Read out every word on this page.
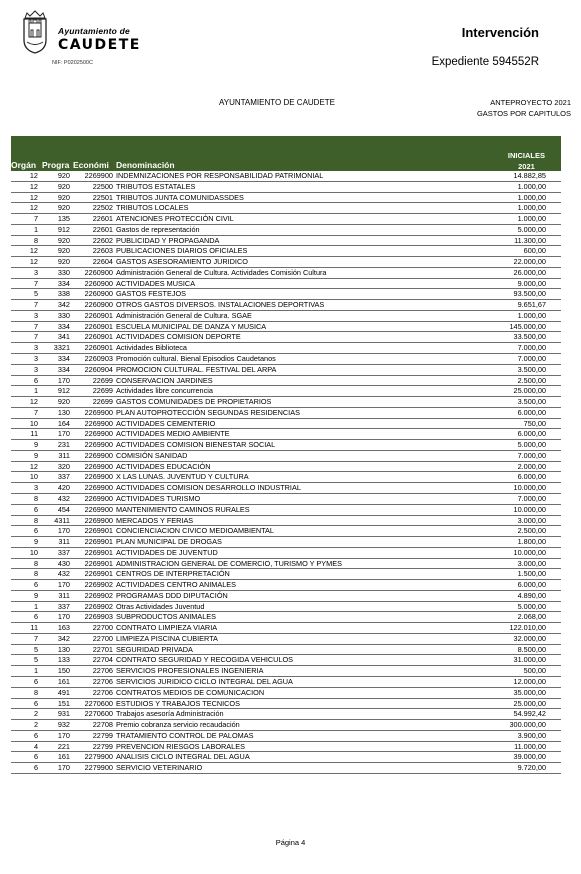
Ayuntamiento de
CAUDETE
NIF: P0202500C
Intervención
Expediente 594552R
AYUNTAMIENTO DE CAUDETE	ANTEPROYECTO 2021
GASTOS POR CAPITULOS
Orgán Progra Económi Denominación
INICIALES
2021
12	920 2269900 INDEMNIZACIONES POR RESPONSABILIDAD PATRIMONIAL	14.882,85
12	920	22500 TRIBUTOS ESTATALES	1.000,00
12	920	22501 TRIBUTOS JUNTA COMUNIDASSDES	1.000,00
12	920	22502 TRIBUTOS LOCALES	1.000,00
7	135	22601 ATENCIONES PROTECCIÓN CIVIL	1.000,00
1	912	22601 Gastos de representación	5.000,00
8	920	22602 PUBLICIDAD Y PROPAGANDA	11.300,00
12	920	22603 PUBLICACIONES DIARIOS OFICIALES	600,00
12	920	22604 GASTOS ASESORAMIENTO JURIDICO	22.000,00
3	330 2260900 Administración General de Cultura. Actividades Comisión Cultura	26.000,00
7	334 2260900 ACTIVIDADES MUSICA	9.000,00
5	338 2260900 GASTOS FESTEJOS	93.500,00
7	342 2260900 OTROS GASTOS DIVERSOS. INSTALACIONES DEPORTIVAS	9.651,67
3	330 2260901 Administración General de Cultura. SGAE	1.000,00
7	334 2260901 ESCUELA MUNICIPAL DE DANZA Y MUSICA	145.000,00
7	341 2260901 ACTIVIDADES COMISION DEPORTE	33.500,00
3 3321 2260901 Actividades Biblioteca	7.000,00
3	334 2260903 Promoción cultural. Bienal Episodios Caudetanos	7.000,00
3	334 2260904 PROMOCION CULTURAL. FESTIVAL DEL ARPA	3.500,00
6	170	22699 CONSERVACION JARDINES	2.500,00
1	912	22699 Actividades libre concurrencia	25.000,00
12	920	22699 GASTOS COMUNIDADES DE PROPIETARIOS	3.500,00
7	130 2269900 PLAN AUTOPROTECCIÓN SEGUNDAS RESIDENCIAS	6.000,00
10	164 2269900 ACTIVIDADES CEMENTERIO	750,00
11	170 2269900 ACTIVIDADES MEDIO AMBIENTE	6.000,00
9	231 2269900 ACTIVIDADES COMISION BIENESTAR SOCIAL	5.000,00
9	311 2269900 COMISIÓN SANIDAD	7.000,00
12	320 2269900 ACTIVIDADES EDUCACIÓN	2.000,00
10	337 2269900 X LAS LUNAS. JUVENTUD Y CULTURA	6.000,00
3	420 2269900 ACTIVIDADES COMISION DESARROLLO INDUSTRIAL	10.000,00
8	432 2269900 ACTIVIDADES TURISMO	7.000,00
6	454 2269900 MANTENIMIENTO CAMINOS RURALES	10.000,00
8 4311 2269900 MERCADOS Y FERIAS	3.000,00
6	170 2269901 CONCIENCIACION CIVICO MEDIOAMBIENTAL	2.500,00
9	311 2269901 PLAN MUNICIPAL DE DROGAS	1.800,00
10	337 2269901 ACTIVIDADES DE JUVENTUD	10.000,00
8	430 2269901 ADMINISTRACION GENERAL DE COMERCIO, TURISMO Y PYMES	3.000,00
8	432 2269901 CENTROS DE INTERPRETACIÓN	1.500,00
6	170 2269902 ACTIVIDADES CENTRO ANIMALES	6.000,00
9	311 2269902 PROGRAMAS DDD DIPUTACIÓN	4.890,00
1	337 2269902 Otras Actividades Juventud	5.000,00
6	170 2269903 SUBPRODUCTOS ANIMALES	2.068,00
11	163	22700 CONTRATO LIMPIEZA VIARIA	122.010,00
7	342	22700 LIMPIEZA PISCINA CUBIERTA	32.000,00
5	130	22701 SEGURIDAD PRIVADA	8.500,00
5	133	22704 CONTRATO SEGURIDAD Y RECOGIDA VEHICULOS	31.000,00
1	150	22706 SERVICIOS PROFESIONALES INGENIERIA	500,00
6	161	22706 SERVICIOS JURIDICO CICLO INTEGRAL DEL AGUA	12.000,00
8	491	22706 CONTRATOS MEDIOS DE COMUNICACION	35.000,00
6	151 2270600 ESTUDIOS Y TRABAJOS TECNICOS	25.000,00
2	931 2270600 Trabajos asesoría Administración	54.992,42
2	932	22708 Premio cobranza servicio recaudación	300.000,00
6	170	22799 TRATAMIENTO CONTROL DE PALOMAS	3.900,00
4	221	22799 PREVENCION RIESGOS LABORALES	11.000,00
6	161 2279900 ANALISIS CICLO INTEGRAL DEL AGUA	39.000,00
6	170 2279900 SERVICIO VETERINARIO	9.720,00
Página 4
